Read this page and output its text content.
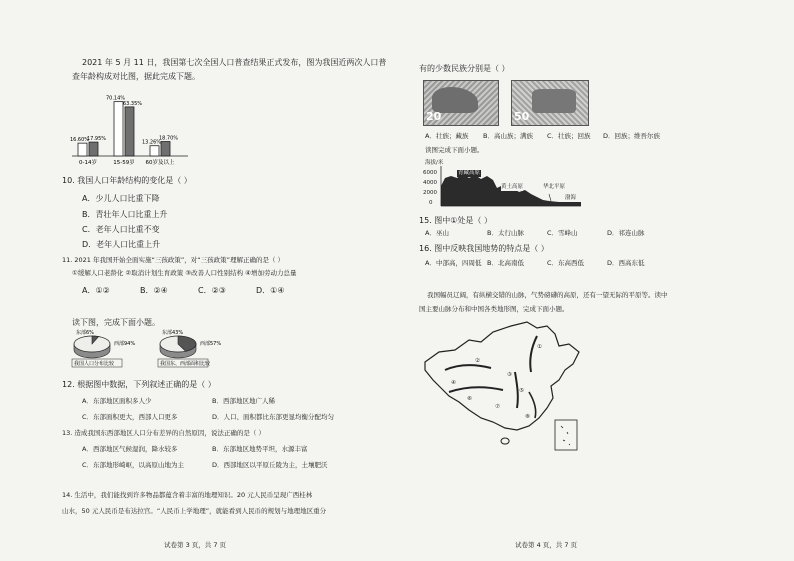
2021 年 5 月 11 日，我国第七次全国人口普查结果正式发布，图为我国近两次人口普
查年龄构成对比图，据此完成下题。
16.60%
17.95%
0-14岁
70.14%
63.35%
15-59岁
13.26%
18.70%
60岁及以上
10. 我国人口年龄结构的变化是（ ）
A．少儿人口比重下降
B．青壮年人口比重上升
C．老年人口比重不变
D．老年人口比重上升
11. 2021 年我国开始全面实施“三孩政策”，对“三孩政策”理解正确的是（ ）
①缓解人口老龄化 ②取消计划生育政策 ③改善人口性别结构 ④增加劳动力总量
A．①②	B．②④	C．②③	D．①④
读下图，完成下面小题。
西部94%
东部6%
我国人口分布比较
西部57%
东部43%
我国东、西部面积比较
12. 根据图中数据，下列叙述正确的是（ ）
A．东部地区面积多人少	B．西部地区地广人稀
C．东部面积更大，西部人口更多	D．人口、面积都比东部更显均衡分配均匀
13. 造成我国东西部地区人口分布差异的自然原因，说法正确的是（ ）
A．西部地区气候湿润，降水较多	B．东部地区地势平坦，水源丰富
C．东部地形崎岖，以高原山地为主	D．西部地区以平原丘陵为主，土壤肥沃
14. 生活中，我们能找到许多物品都蕴含着丰富的地理知识。20 元人民币呈现广西桂林
山水，50 元人民币是布达拉宫。“人民币上学地理”，就能看到人民币的规划与地理地区重分
试卷第 3 页，共 7 页
有的少数民族分别是（ ）
20	50
A．壮族；藏族 B．高山族；满族 C．壮族；回族 D．回族；维吾尔族
读图完成下面小题。
海拔/米
6000
4000
2000
0
青藏高原
黄土高原	华北平原
渤海
15. 图中①处是（ ）
A．巫山	B．太行山脉	C．雪峰山	D．祁连山脉
16. 图中反映我国地势的特点是（ ）
A．中部高，四周低 B．北高南低	C．东高西低	D．西高东低
我国幅员辽阔，有纵横交错的山脉，气势磅礴的高原，还有一望无际的平原等。读中
国主要山脉分布和中国各类地形图，完成下面小题。
①
②
③
④
⑤
⑥
⑦
⑧
试卷第 4 页，共 7 页
